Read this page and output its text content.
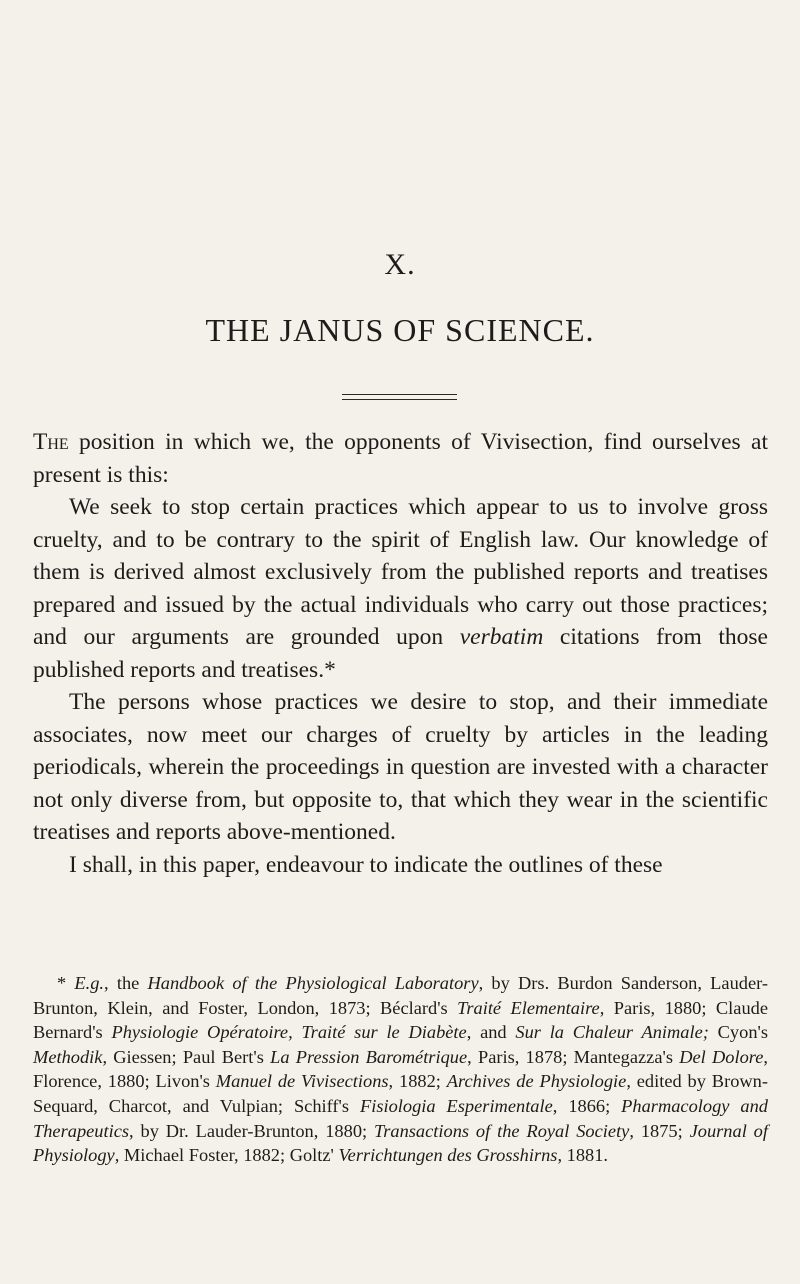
X.
THE JANUS OF SCIENCE.

The position in which we, the opponents of Vivisection, find ourselves at present is this:

We seek to stop certain practices which appear to us to involve gross cruelty, and to be contrary to the spirit of English law. Our knowledge of them is derived almost exclusively from the published reports and treatises prepared and issued by the actual individuals who carry out those practices; and our arguments are grounded upon verbatim citations from those published reports and treatises.*

The persons whose practices we desire to stop, and their immediate associates, now meet our charges of cruelty by articles in the leading periodicals, wherein the proceedings in question are invested with a character not only diverse from, but opposite to, that which they wear in the scientific treatises and reports above-mentioned.

I shall, in this paper, endeavour to indicate the outlines of these

* E.g., the Handbook of the Physiological Laboratory, by Drs. Burdon Sanderson, Lauder-Brunton, Klein, and Foster, London, 1873; Béclard's Traité Elementaire, Paris, 1880; Claude Bernard's Physiologie Opératoire, Traité sur le Diabète, and Sur la Chaleur Animale; Cyon's Methodik, Giessen; Paul Bert's La Pression Barométrique, Paris, 1878; Mantegazza's Del Dolore, Florence, 1880; Livon's Manuel de Vivisections, 1882; Archives de Physiologie, edited by Brown-Sequard, Charcot, and Vulpian; Schiff's Fisiologia Esperimentale, 1866; Pharmacology and Therapeutics, by Dr. Lauder-Brunton, 1880; Transactions of the Royal Society, 1875; Journal of Physiology, Michael Foster, 1882; Goltz' Verrichtungen des Grosshirns, 1881.
